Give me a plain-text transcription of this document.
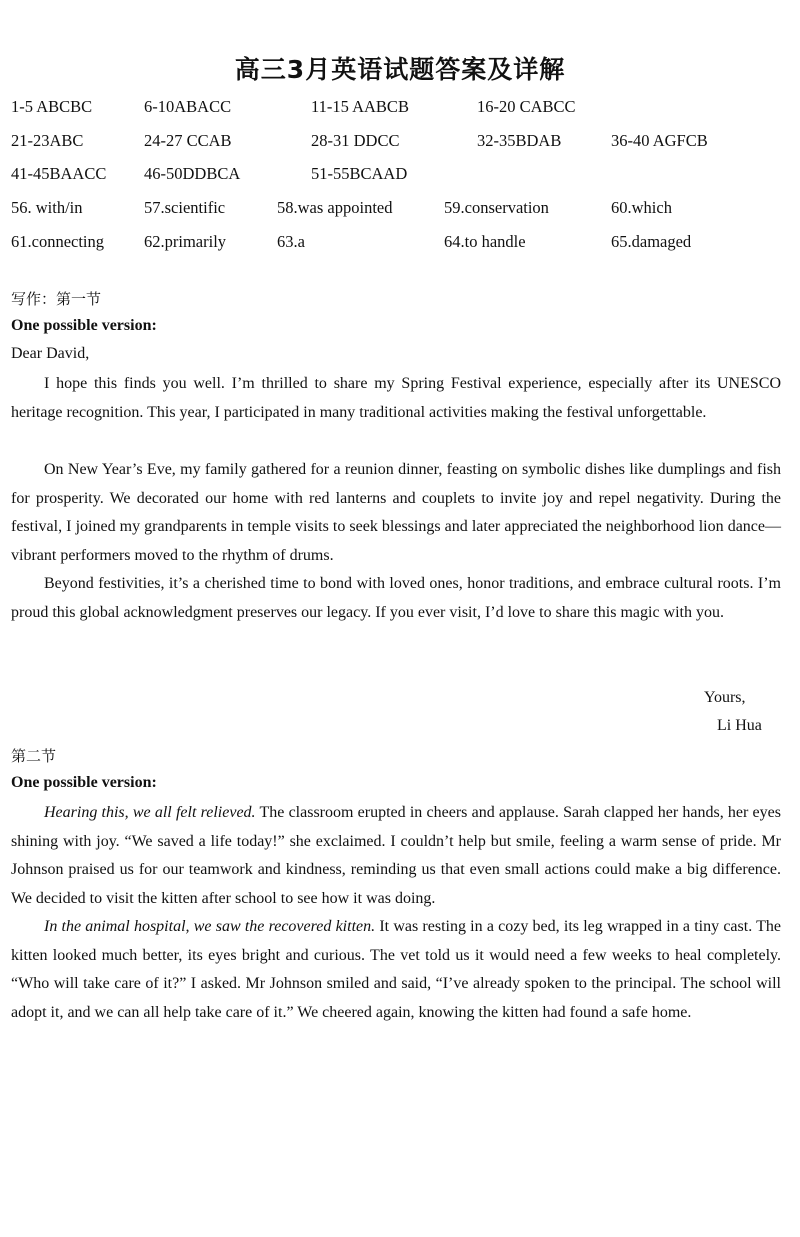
高三3月英语试题答案及详解
1-5 ABCBC	6-10ABACC	11-15 AABCB	16-20 CABCC
21-23ABC	24-27 CCAB	28-31 DDCC	32-35BDAB	36-40 AGFCB
41-45BAACC 46-50DDBCA	51-55BCAAD
56. with/in	57.scientific	58.was appointed	59.conservation	60.which
61.connecting 62.primarily	63.a	64.to handle	65.damaged
写作：第一节
One possible version:
Dear David,

I hope this finds you well. I’m thrilled to share my Spring Festival experience, especially after its UNESCO heritage recognition. This year, I participated in many traditional activities making the festival unforgettable.

On New Year’s Eve, my family gathered for a reunion dinner, feasting on symbolic dishes like dumplings and fish for prosperity. We decorated our home with red lanterns and couplets to invite joy and repel negativity. During the festival, I joined my grandparents in temple visits to seek blessings and later appreciated the neighborhood lion dance—vibrant performers moved to the rhythm of drums.

Beyond festivities, it’s a cherished time to bond with loved ones, honor traditions, and embrace cultural roots. I’m proud this global acknowledgment preserves our legacy. If you ever visit, I’d love to share this magic with you.

Yours,
Li Hua
第二节
One possible version:

Hearing this, we all felt relieved. The classroom erupted in cheers and applause. Sarah clapped her hands, her eyes shining with joy. “We saved a life today!” she exclaimed. I couldn’t help but smile, feeling a warm sense of pride. Mr Johnson praised us for our teamwork and kindness, reminding us that even small actions could make a big difference. We decided to visit the kitten after school to see how it was doing.

In the animal hospital, we saw the recovered kitten. It was resting in a cozy bed, its leg wrapped in a tiny cast. The kitten looked much better, its eyes bright and curious. The vet told us it would need a few weeks to heal completely. “Who will take care of it?” I asked. Mr Johnson smiled and said, “I’ve already spoken to the principal. The school will adopt it, and we can all help take care of it.” We cheered again, knowing the kitten had found a safe home.
